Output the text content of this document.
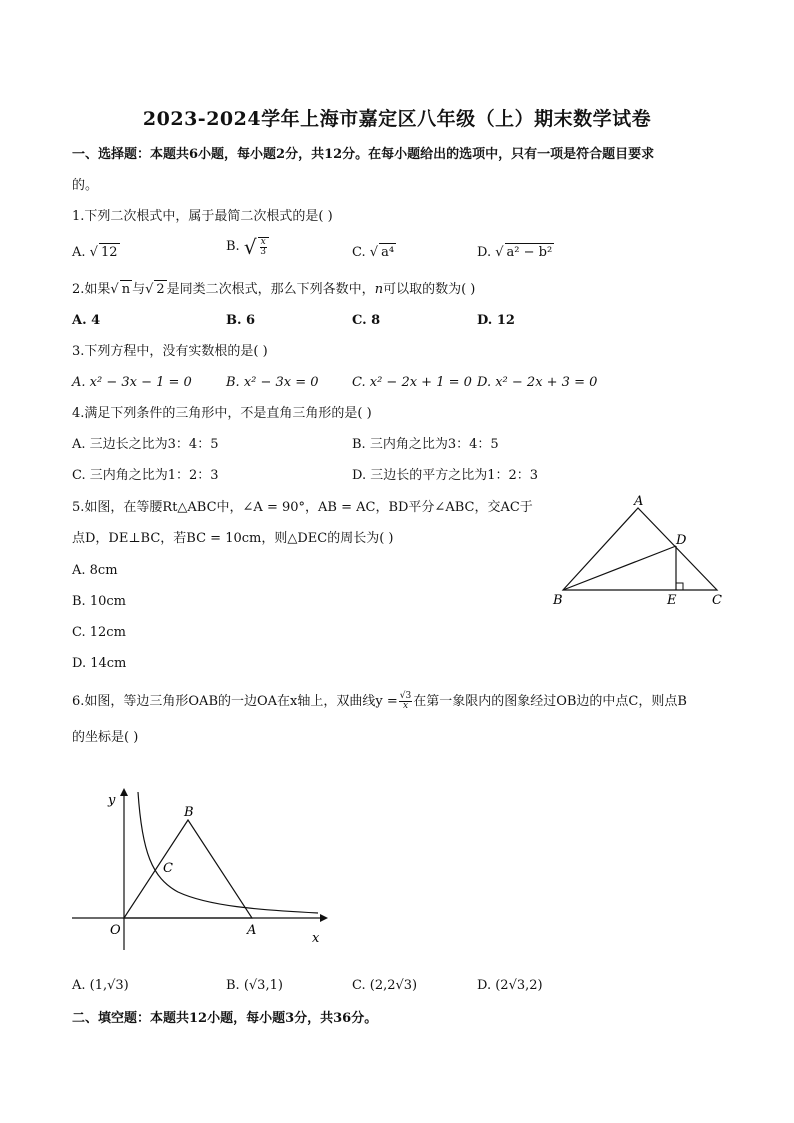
2023-2024学年上海市嘉定区八年级（上）期末数学试卷
一、选择题：本题共6小题，每小题2分，共12分。在每小题给出的选项中，只有一项是符合题目要求
的。
1.下列二次根式中，属于最简二次根式的是( )
A. √ 12	B. √ $\frac{x}{3}$	C. √ a⁴	D. √ a² − b²
2.如果√ n 与√ 2 是同类二次根式，那么下列各数中，n可以取的数为( )
A. 4	B. 6	C. 8	D. 12
3.下列方程中，没有实数根的是( )
A. x² − 3x − 1 = 0	B. x² − 3x = 0	C. x² − 2x + 1 = 0 D. x² − 2x + 3 = 0
4.满足下列条件的三角形中，不是直角三角形的是( )
A. 三边长之比为3：4：5	B. 三内角之比为3：4：5
C. 三内角之比为1：2：3	D. 三边长的平方之比为1：2：3
5.如图，在等腰Rt△ABC中，∠A = 90°，AB = AC，BD平分∠ABC，交AC于
点D，DE⊥BC，若BC = 10cm，则△DEC的周长为( )
A. 8cm
B. 10cm
C. 12cm
D. 14cm
A
B	C
D
E
6.如图，等边三角形OAB的一边OA在x轴上，双曲线$y = \frac{√3}{x}$ 在第一象限内的图象经过OB边的中点C，则点B
的坐标是( )
y
x
O	A
B
C
A. (1,√3)	B. (√3,1)	C. (2,2√3)	D. (2√3,2)
二、填空题：本题共12小题，每小题3分，共36分。
